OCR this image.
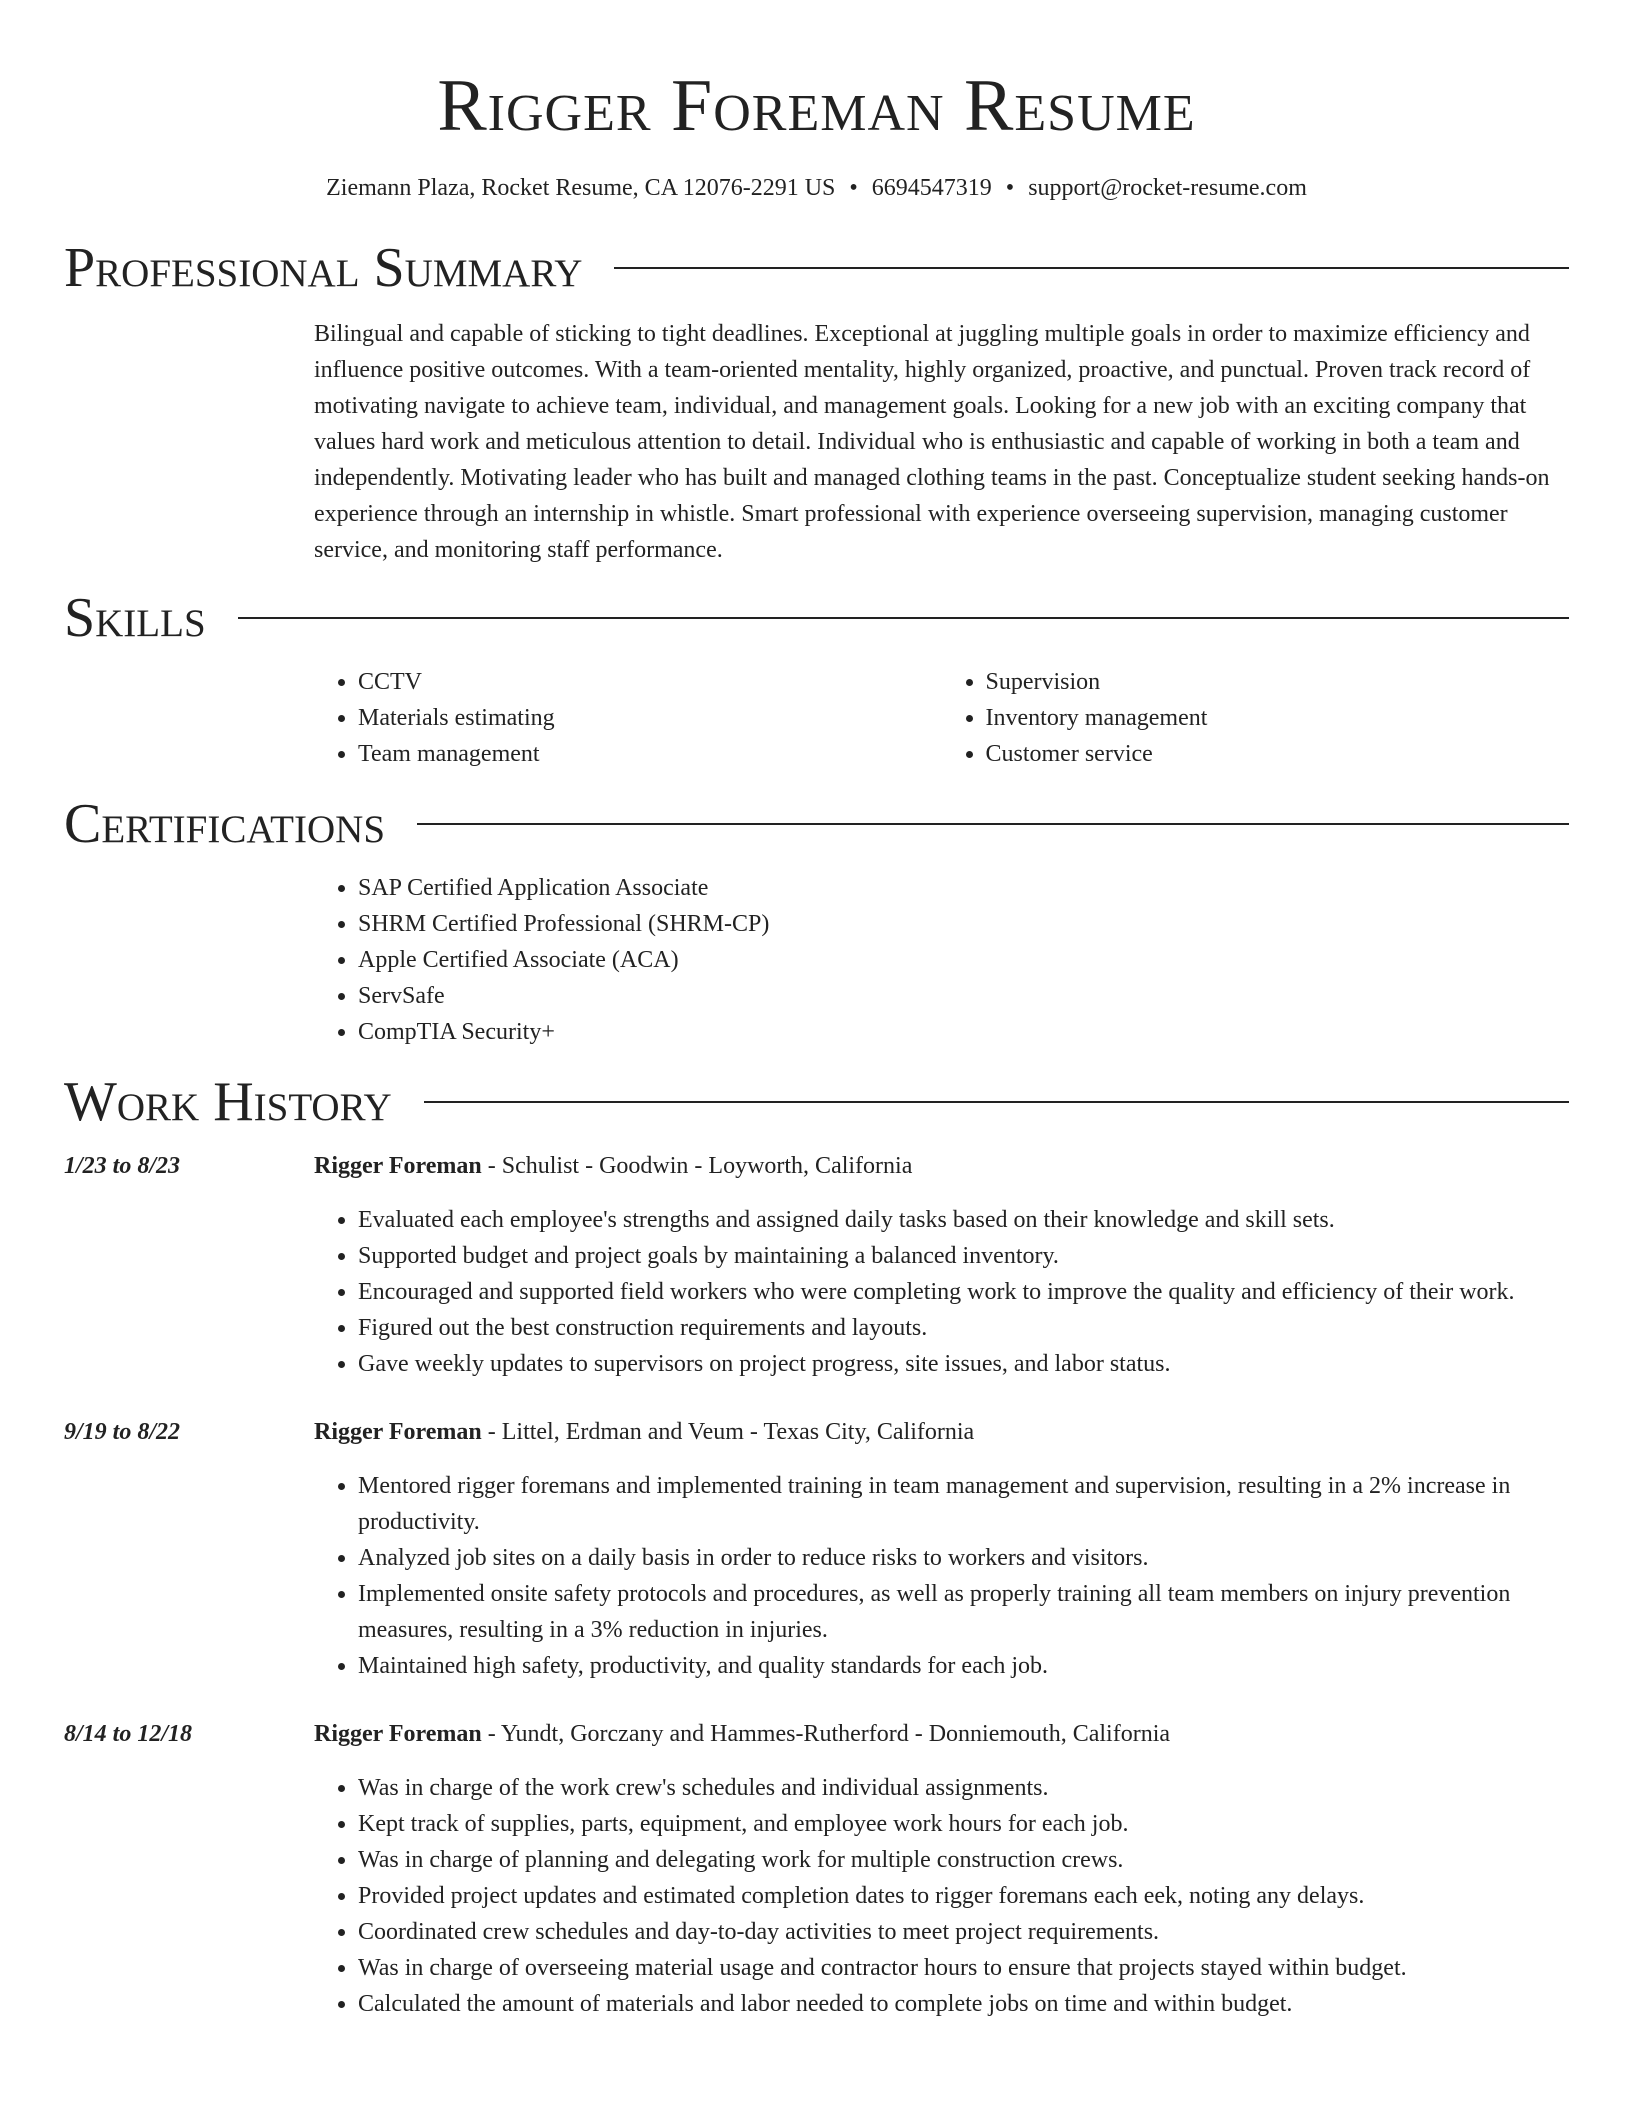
Rigger Foreman Resume
Ziemann Plaza, Rocket Resume, CA 12076-2291 US • 6694547319 • support@rocket-resume.com
Professional Summary
Bilingual and capable of sticking to tight deadlines. Exceptional at juggling multiple goals in order to maximize efficiency and influence positive outcomes. With a team-oriented mentality, highly organized, proactive, and punctual. Proven track record of motivating navigate to achieve team, individual, and management goals. Looking for a new job with an exciting company that values hard work and meticulous attention to detail. Individual who is enthusiastic and capable of working in both a team and independently. Motivating leader who has built and managed clothing teams in the past. Conceptualize student seeking hands-on experience through an internship in whistle. Smart professional with experience overseeing supervision, managing customer service, and monitoring staff performance.
Skills
• CCTV
• Materials estimating
• Team management
• Supervision
• Inventory management
• Customer service
Certifications
• SAP Certified Application Associate
• SHRM Certified Professional (SHRM-CP)
• Apple Certified Associate (ACA)
• ServSafe
• CompTIA Security+
Work History
1/23 to 8/23	Rigger Foreman - Schulist - Goodwin - Loyworth, California
• Evaluated each employee's strengths and assigned daily tasks based on their knowledge and skill sets.
• Supported budget and project goals by maintaining a balanced inventory.
• Encouraged and supported field workers who were completing work to improve the quality and efficiency of their work.
• Figured out the best construction requirements and layouts.
• Gave weekly updates to supervisors on project progress, site issues, and labor status.
9/19 to 8/22	Rigger Foreman - Littel, Erdman and Veum - Texas City, California
• Mentored rigger foremans and implemented training in team management and supervision, resulting in a 2% increase in productivity.
• Analyzed job sites on a daily basis in order to reduce risks to workers and visitors.
• Implemented onsite safety protocols and procedures, as well as properly training all team members on injury prevention measures, resulting in a 3% reduction in injuries.
• Maintained high safety, productivity, and quality standards for each job.
8/14 to 12/18	Rigger Foreman - Yundt, Gorczany and Hammes-Rutherford - Donniemouth, California
• Was in charge of the work crew's schedules and individual assignments.
• Kept track of supplies, parts, equipment, and employee work hours for each job.
• Was in charge of planning and delegating work for multiple construction crews.
• Provided project updates and estimated completion dates to rigger foremans each eek, noting any delays.
• Coordinated crew schedules and day-to-day activities to meet project requirements.
• Was in charge of overseeing material usage and contractor hours to ensure that projects stayed within budget.
• Calculated the amount of materials and labor needed to complete jobs on time and within budget.
